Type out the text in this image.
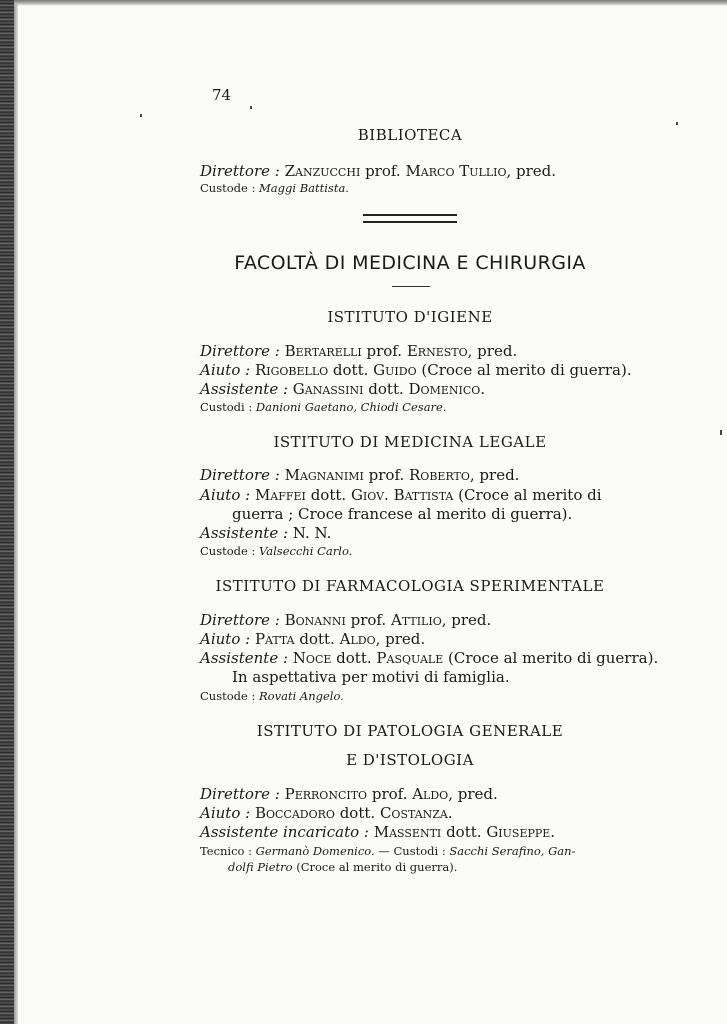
74
BIBLIOTECA
Direttore : Zanzucchi prof. Marco Tullio, pred.
Custode : Maggi Battista.
FACOLTÀ DI MEDICINA E CHIRURGIA
ISTITUTO D'IGIENE
Direttore : Bertarelli prof. Ernesto, pred.
Aiuto : Rigobello dott. Guido (Croce al merito di guerra).
Assistente : Ganassini dott. Domenico.
Custodi : Danioni Gaetano, Chiodi Cesare.
ISTITUTO DI MEDICINA LEGALE
Direttore : Magnanimi prof. Roberto, pred.
Aiuto : Maffei dott. Giov. Battista (Croce al merito di
guerra ; Croce francese al merito di guerra).
Assistente : N. N.
Custode : Valsecchi Carlo.
ISTITUTO DI FARMACOLOGIA SPERIMENTALE
Direttore : Bonanni prof. Attilio, pred.
Aiuto : Patta dott. Aldo, pred.
Assistente : Noce dott. Pasquale (Croce al merito di guerra).
In aspettativa per motivi di famiglia.
Custode : Rovati Angelo.
ISTITUTO DI PATOLOGIA GENERALE
E D'ISTOLOGIA
Direttore : Perroncito prof. Aldo, pred.
Aiuto : Boccadoro dott. Costanza.
Assistente incaricato : Massenti dott. Giuseppe.
Tecnico : Germanò Domenico. — Custodi : Sacchi Serafino, Gan-
dolfi Pietro (Croce al merito di guerra).
